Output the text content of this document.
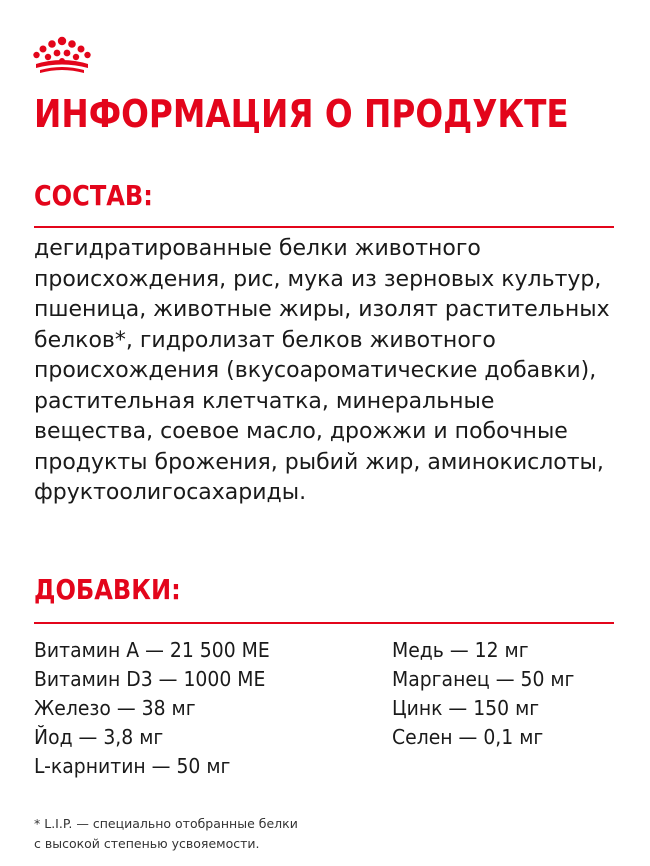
ИНФОРМАЦИЯ О ПРОДУКТЕ
СОСТАВ:

дегидратированные белки животного происхождения, рис, мука из зерновых культур, пшеница, животные жиры, изолят растительных белков*, гидролизат белков животного происхождения (вкусоароматические добавки), растительная клетчатка, минеральные вещества, соевое масло, дрожжи и побочные продукты брожения, рыбий жир, аминокислоты, фруктоолигосахариды.

ДОБАВКИ:
Витамин A — 21 500 МЕ
Витамин D3 — 1000 МЕ
Железо — 38 мг
Йод — 3,8 мг
L-карнитин — 50 мг
Медь — 12 мг
Марганец — 50 мг
Цинк — 150 мг
Селен — 0,1 мг

* L.I.P. — специально отобранные белки
с высокой степенью усвояемости.
